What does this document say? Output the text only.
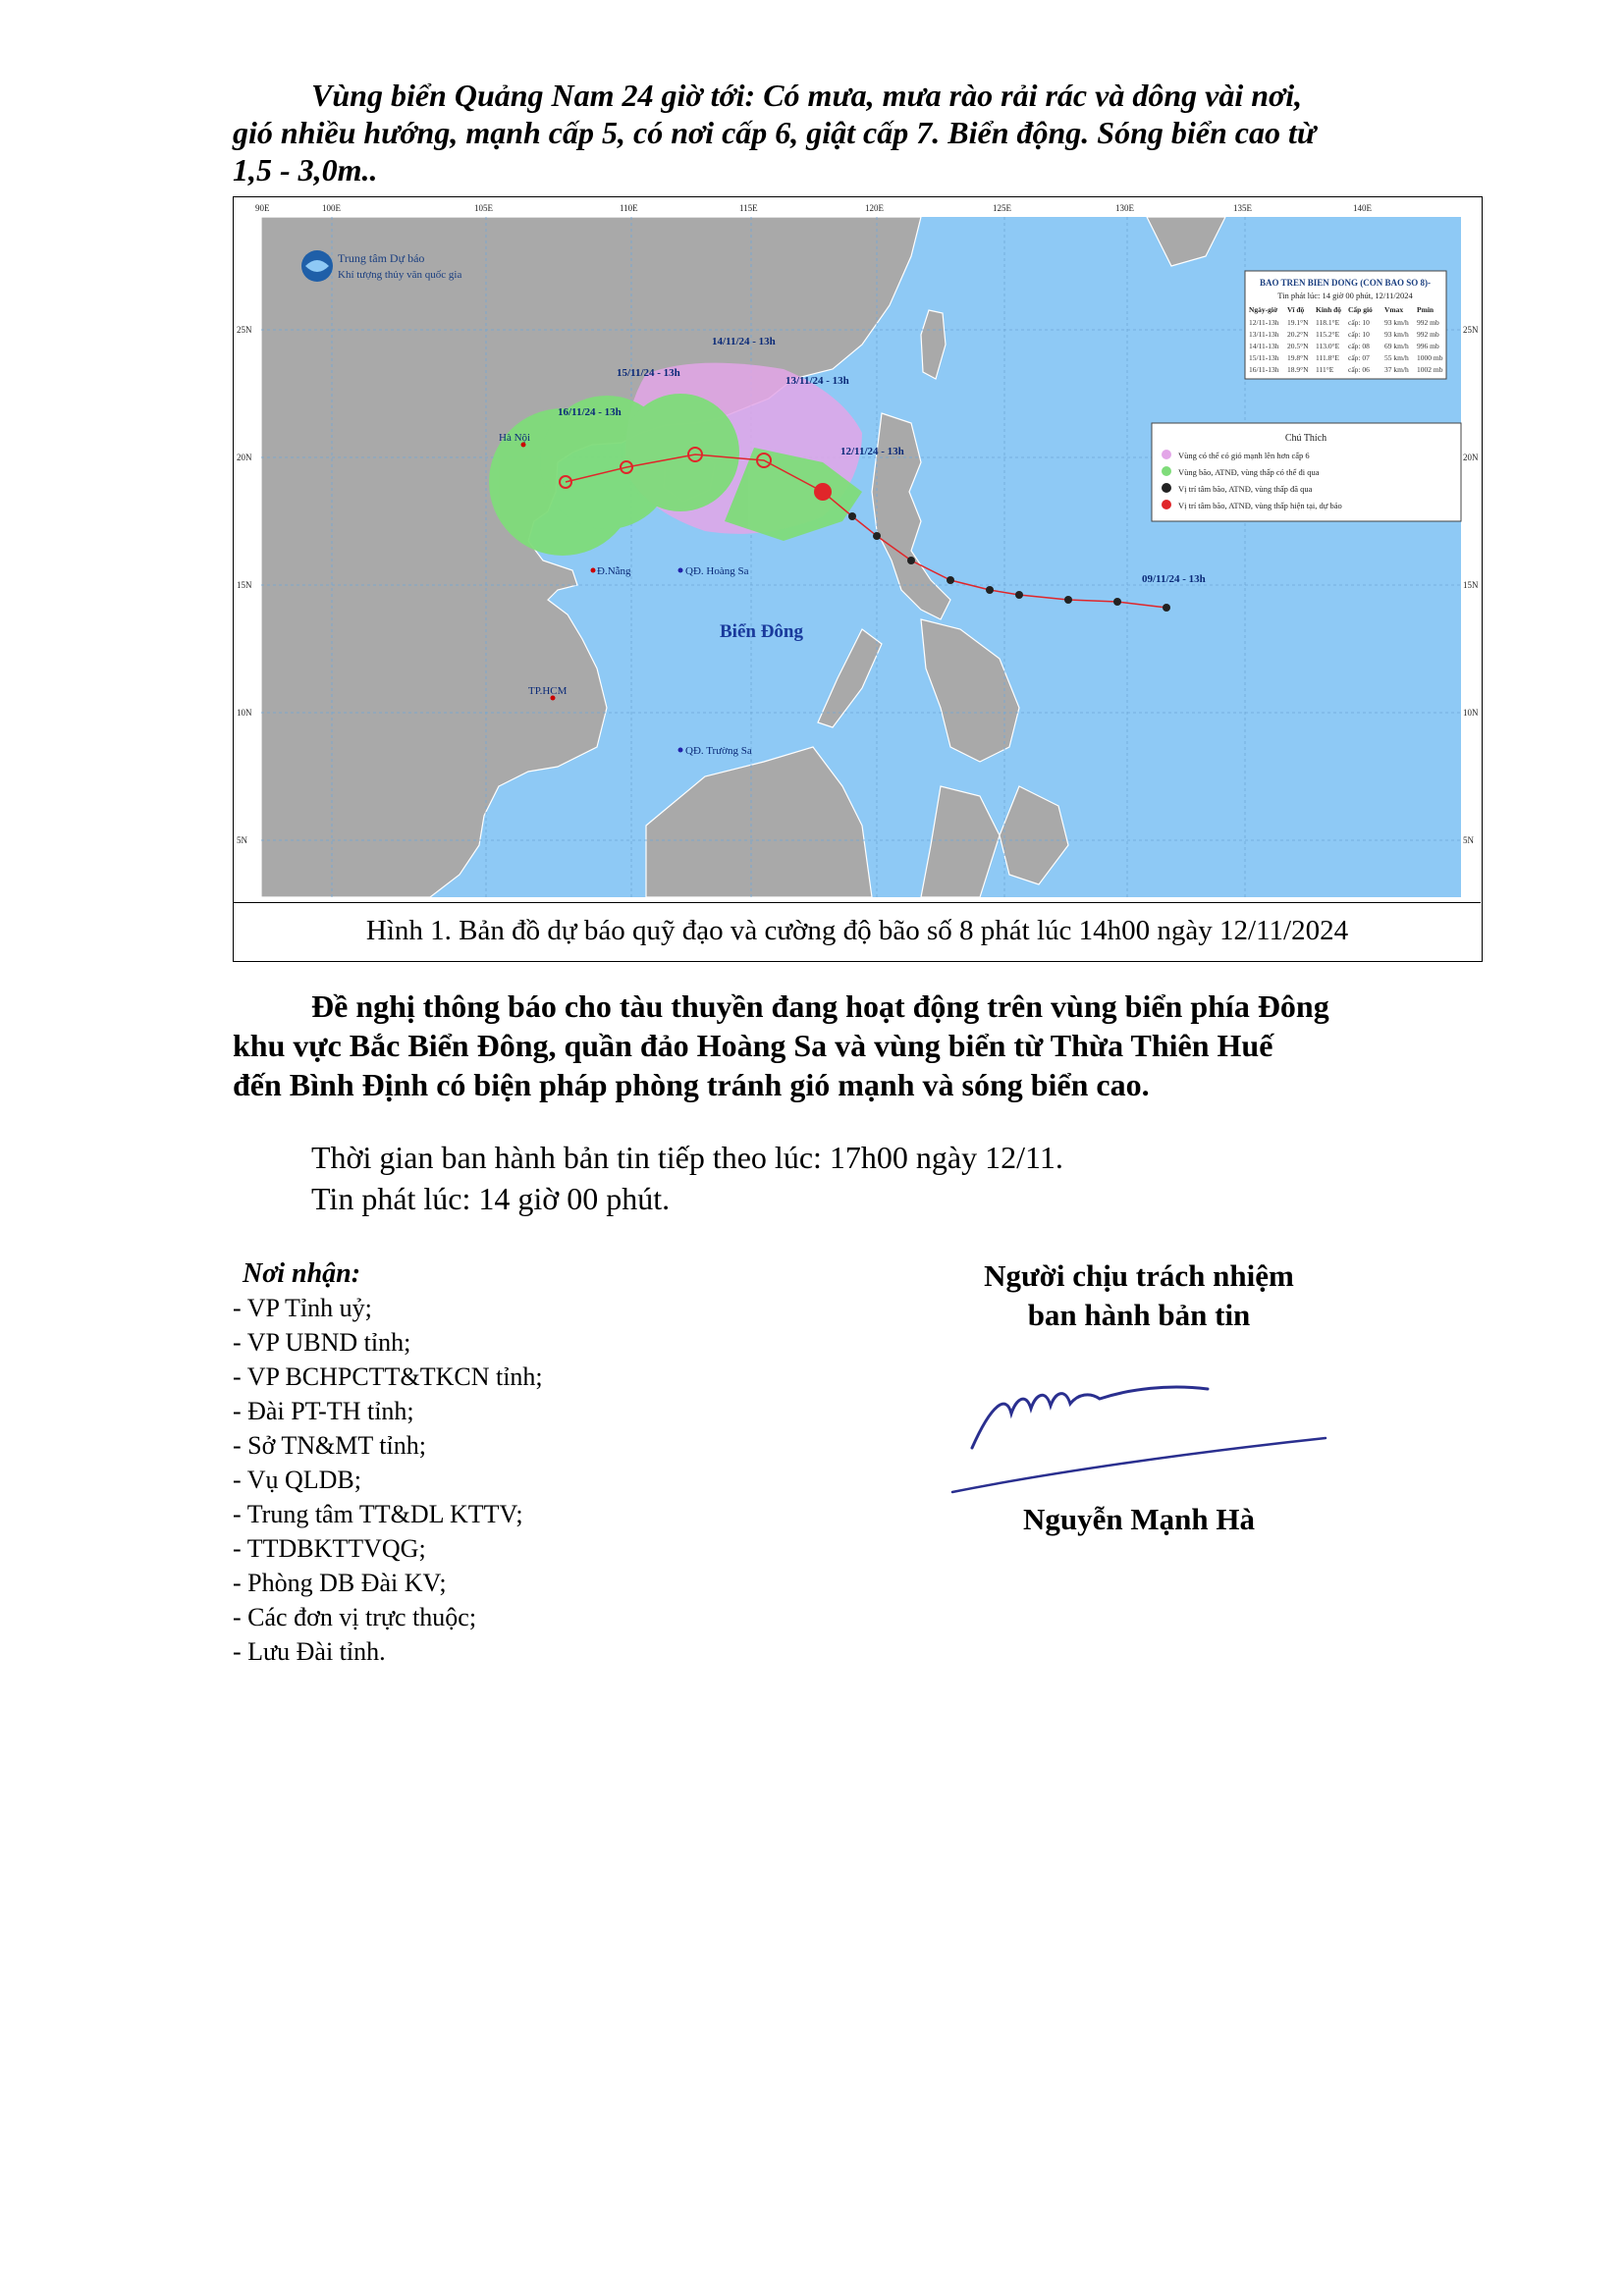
Vùng biển Quảng Nam 24 giờ tới: Có mưa, mưa rào rải rác và dông vài nơi,
gió nhiều hướng, mạnh cấp 5, có nơi cấp 6, giật cấp 7. Biển động. Sóng biển cao từ
1,5 - 3,0m..
90E	100E	105E	110E	115E	120E	125E	130E	135E	140E
25N
20N
15N
10N
5N
25N
20N
15N
10N
5N
Trung tâm Dự báo
Khí tượng thủy văn quốc gia
14/11/24 - 13h
15/11/24 - 13h
13/11/24 - 13h
16/11/24 - 13h
12/11/24 - 13h
09/11/24 - 13h
Hà Nội
Đ.Nẵng	QĐ. Hoàng Sa
TP.HCM
QĐ. Trường Sa
Biển Đông
BAO TREN BIEN DONG (CON BAO SO 8)-
Tin phát lúc: 14 giờ 00 phút, 12/11/2024
Ngày-giờ Vĩ độ Kinh độ Cấp gió Vmax Pmin
12/11-13h 19.1°N 118.1°E cấp: 10 93 km/h 992 mb
13/11-13h 20.2°N 115.2°E cấp: 10 93 km/h 992 mb
14/11-13h 20.5°N 113.0°E cấp: 08 69 km/h 996 mb
15/11-13h 19.8°N 111.8°E cấp: 07 55 km/h 1000 mb
16/11-13h 18.9°N 111°E cấp: 06 37 km/h 1002 mb
Chú Thích
Vùng có thể có gió mạnh lên hơn cấp 6
Vùng bão, ATNĐ, vùng thấp có thể đi qua
Vị trí tâm bão, ATNĐ, vùng thấp đã qua
Vị trí tâm bão, ATNĐ, vùng thấp hiện tại, dự báo
Hình 1. Bản đồ dự báo quỹ đạo và cường độ bão số 8 phát lúc 14h00 ngày 12/11/2024
Đề nghị thông báo cho tàu thuyền đang hoạt động trên vùng biển phía Đông
khu vực Bắc Biển Đông, quần đảo Hoàng Sa và vùng biển từ Thừa Thiên Huế
đến Bình Định có biện pháp phòng tránh gió mạnh và sóng biển cao.
Thời gian ban hành bản tin tiếp theo lúc: 17h00 ngày 12/11.
Tin phát lúc: 14 giờ 00 phút.
Nơi nhận:
- VP Tỉnh uỷ;
- VP UBND tỉnh;
- VP BCHPCTT&TKCN tỉnh;
- Đài PT-TH tỉnh;
- Sở TN&MT tỉnh;
- Vụ QLDB;
- Trung tâm TT&DL KTTV;
- TTDBKTTVQG;
- Phòng DB Đài KV;
- Các đơn vị trực thuộc;
- Lưu Đài tỉnh.
Người chịu trách nhiệm
ban hành bản tin
Nguyễn Mạnh Hà
